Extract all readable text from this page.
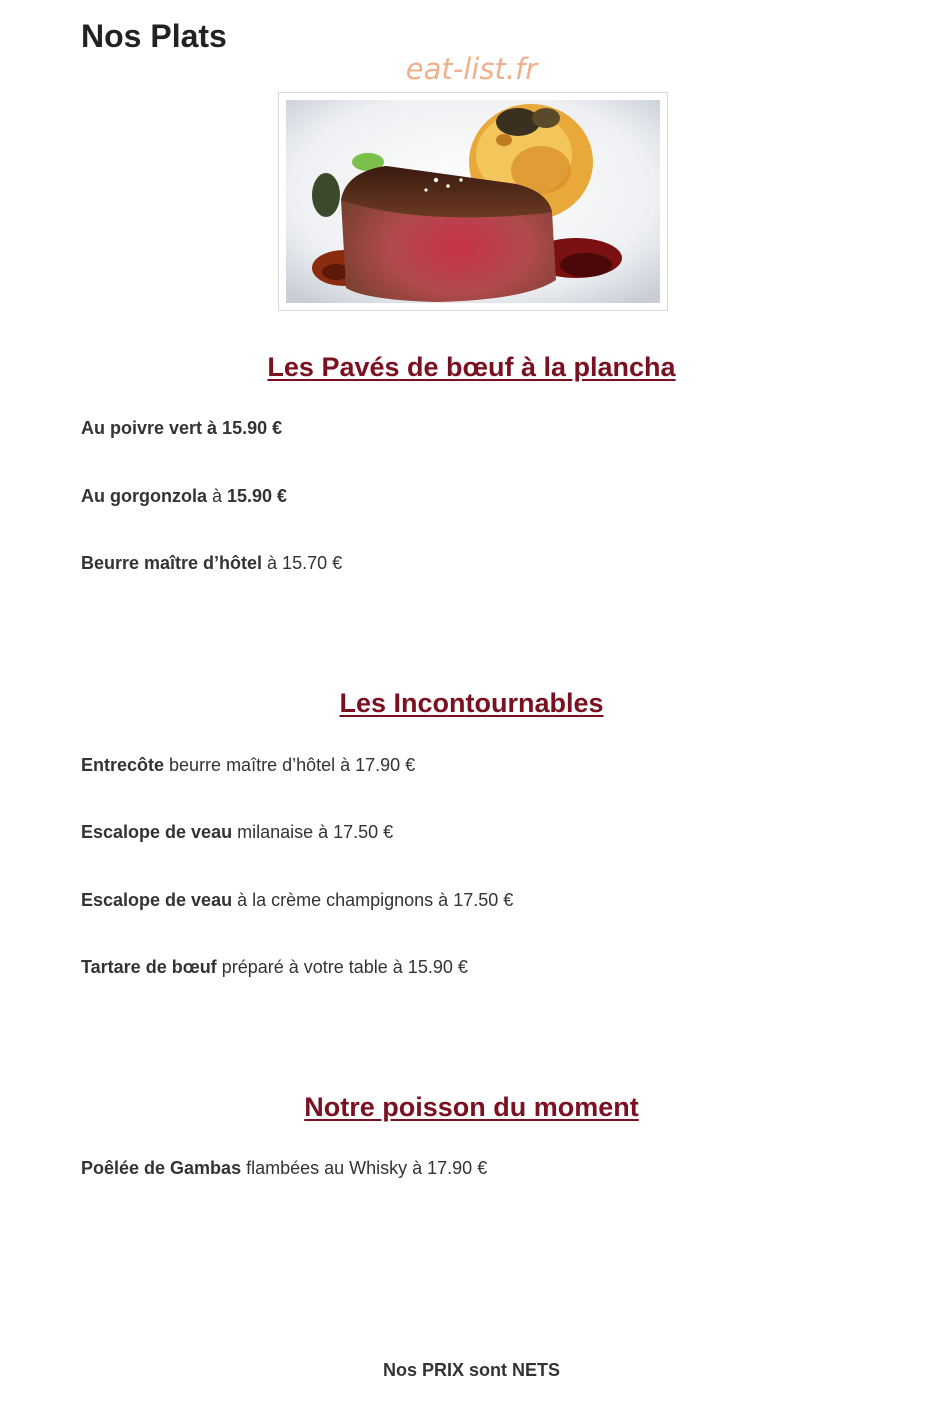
Nos Plats
eat-list.fr
Les Pavés de bœuf à la plancha

Au poivre vert à 15.90 €

Au gorgonzola à 15.90 €

Beurre maître d’hôtel à 15.70 €

Les Incontournables

Entrecôte beurre maître d’hôtel à 17.90 €

Escalope de veau milanaise à 17.50 €

Escalope de veau à la crème champignons à 17.50 €

Tartare de bœuf préparé à votre table à 15.90 €

Notre poisson du moment

Poêlée de Gambas flambées au Whisky à 17.90 €

Nos PRIX sont NETS
